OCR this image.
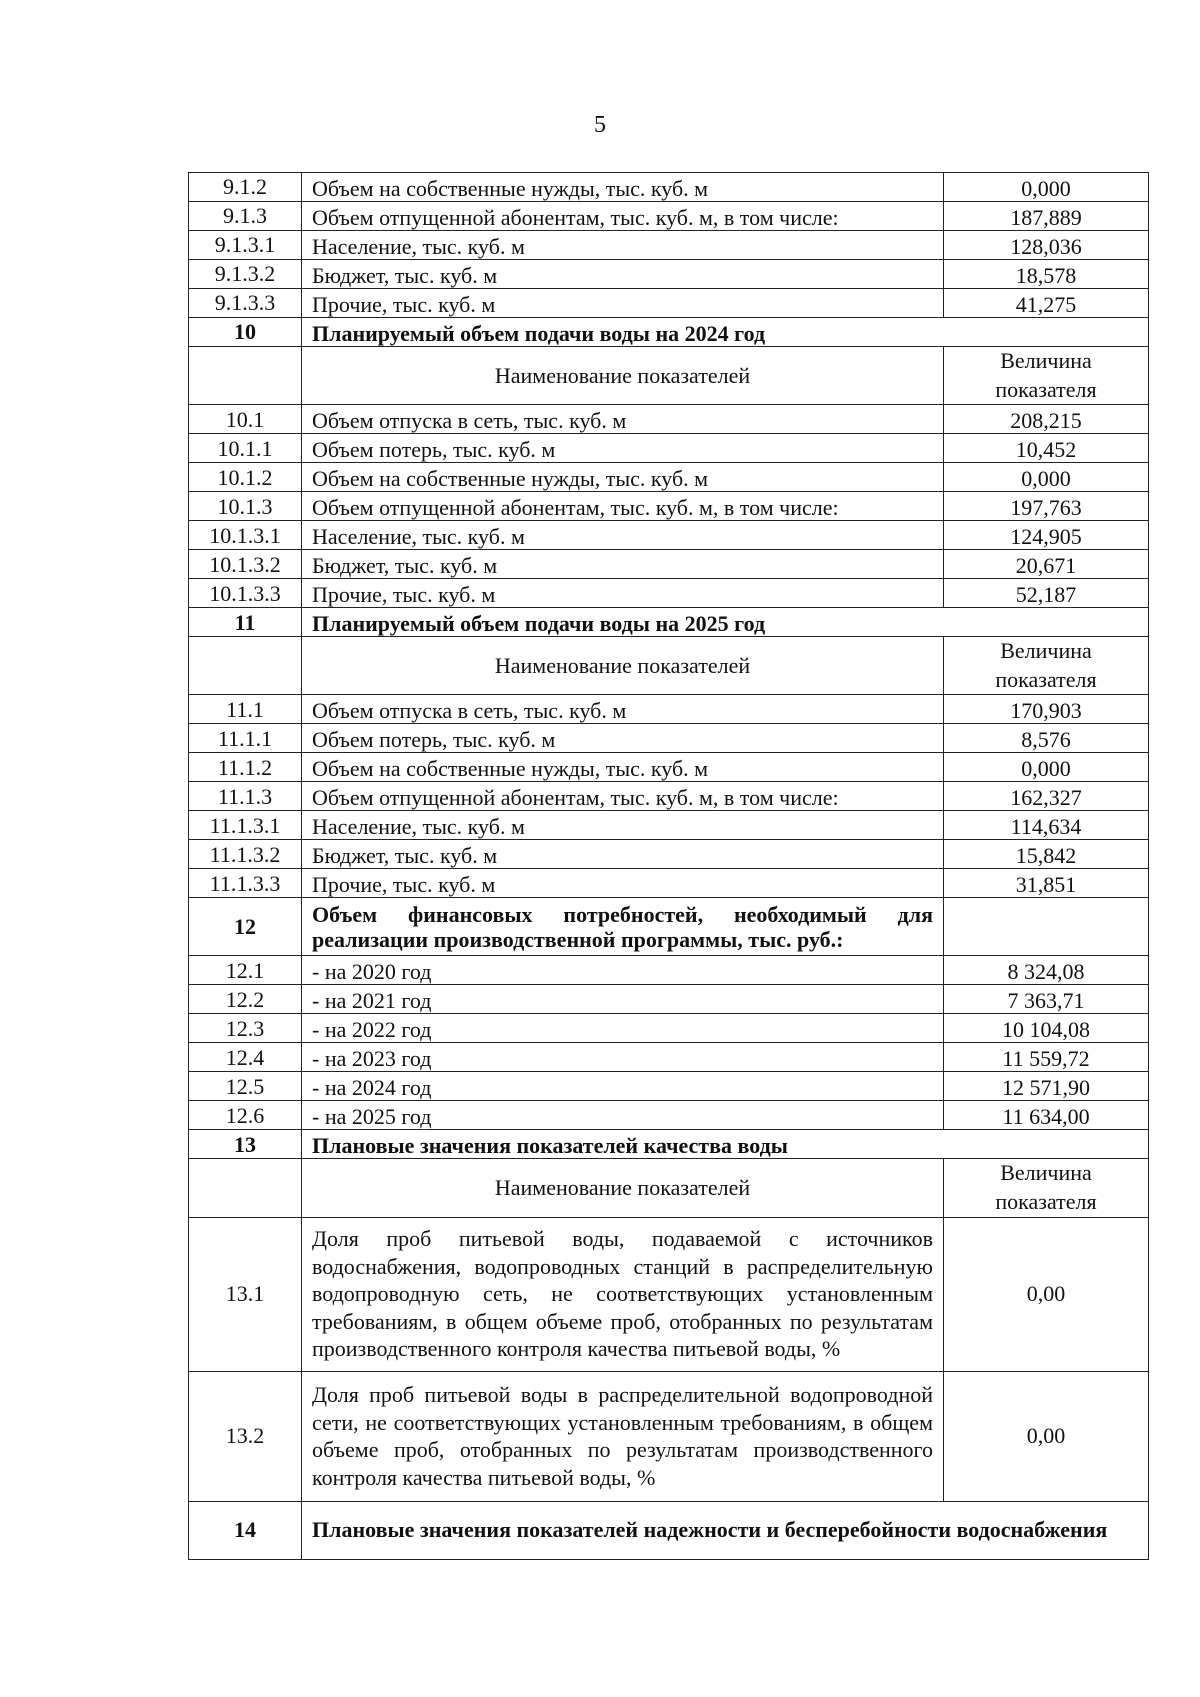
5
9.1.2	Объем на собственные нужды, тыс. куб. м	0,000
9.1.3	Объем отпущенной абонентам, тыс. куб. м, в том числе:	187,889
9.1.3.1	Население, тыс. куб. м	128,036
9.1.3.2	Бюджет, тыс. куб. м	18,578
9.1.3.3	Прочие, тыс. куб. м	41,275
10	Планируемый объем подачи воды на 2024 год	
	Наименование показателей	Величина показателя
10.1	Объем отпуска в сеть, тыс. куб. м	208,215
10.1.1	Объем потерь, тыс. куб. м	10,452
10.1.2	Объем на собственные нужды, тыс. куб. м	0,000
10.1.3	Объем отпущенной абонентам, тыс. куб. м, в том числе:	197,763
10.1.3.1	Население, тыс. куб. м	124,905
10.1.3.2	Бюджет, тыс. куб. м	20,671
10.1.3.3	Прочие, тыс. куб. м	52,187
11	Планируемый объем подачи воды на 2025 год	
	Наименование показателей	Величина показателя
11.1	Объем отпуска в сеть, тыс. куб. м	170,903
11.1.1	Объем потерь, тыс. куб. м	8,576
11.1.2	Объем на собственные нужды, тыс. куб. м	0,000
11.1.3	Объем отпущенной абонентам, тыс. куб. м, в том числе:	162,327
11.1.3.1	Население, тыс. куб. м	114,634
11.1.3.2	Бюджет, тыс. куб. м	15,842
11.1.3.3	Прочие, тыс. куб. м	31,851
12	Объем финансовых потребностей, необходимый для реализации производственной программы, тыс. руб.:	
12.1	- на 2020 год	8 324,08
12.2	- на 2021 год	7 363,71
12.3	- на 2022 год	10 104,08
12.4	- на 2023 год	11 559,72
12.5	- на 2024 год	12 571,90
12.6	- на 2025 год	11 634,00
13	Плановые значения показателей качества воды	
	Наименование показателей	Величина показателя
13.1	Доля проб питьевой воды, подаваемой с источников водоснабжения, водопроводных станций в распределительную водопроводную сеть, не соответствующих установленным требованиям, в общем объеме проб, отобранных по результатам производственного контроля качества питьевой воды, %	0,00
13.2	Доля проб питьевой воды в распределительной водопроводной сети, не соответствующих установленным требованиям, в общем объеме проб, отобранных по результатам производственного контроля качества питьевой воды, %	0,00
14	Плановые значения показателей надежности и бесперебойности водоснабжения	
